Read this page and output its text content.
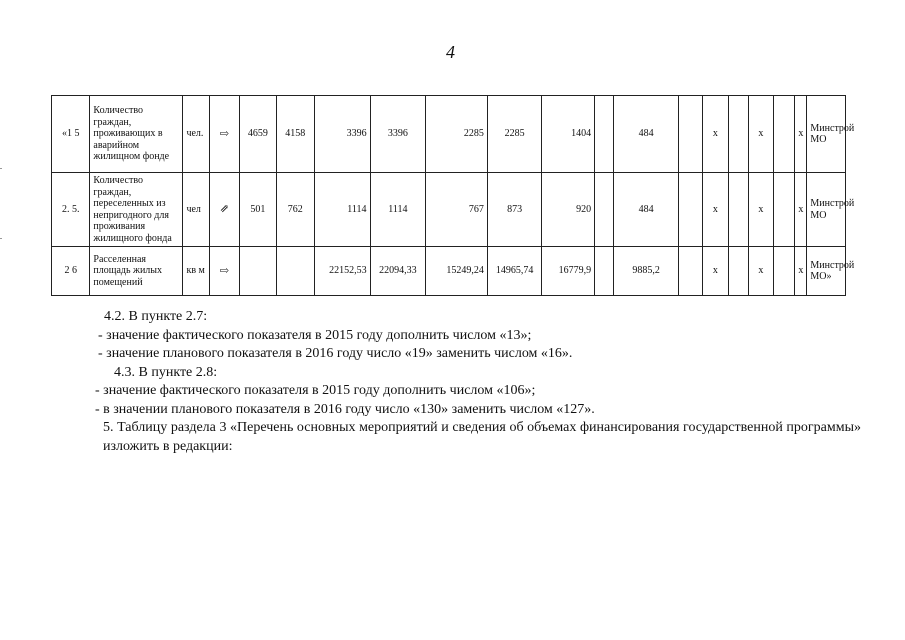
4
«1 5	Количество граждан, проживающих в аварийном жилищном фонде	чел.	⇨	4659	4158	3396	3396	2285	2285	1404		484		х		х		х	Минстрой МО
2. 5.	Количество граждан, переселенных из непригодного для проживания жилищного фонда	чел	⇗	501	762	1114	1114	767	873	920		484		х		х		х	Минстрой МО
2 6	Расселенная площадь жилых помещений	кв м	⇨			22152,53	22094,33	15249,24	14965,74	16779,9		9885,2		х		х		х	Минстрой МО»

4.2. В пункте 2.7:

- значение фактического показателя в 2015 году дополнить числом «13»;

- значение планового показателя в 2016 году число «19» заменить числом «16».

4.3. В пункте 2.8:

- значение фактического показателя в 2015 году дополнить числом «106»;

- в значении планового показателя в 2016 году число «130» заменить числом «127».

5. Таблицу раздела 3 «Перечень основных мероприятий и сведения об объемах финансирования государственной программы» изложить в редакции:
